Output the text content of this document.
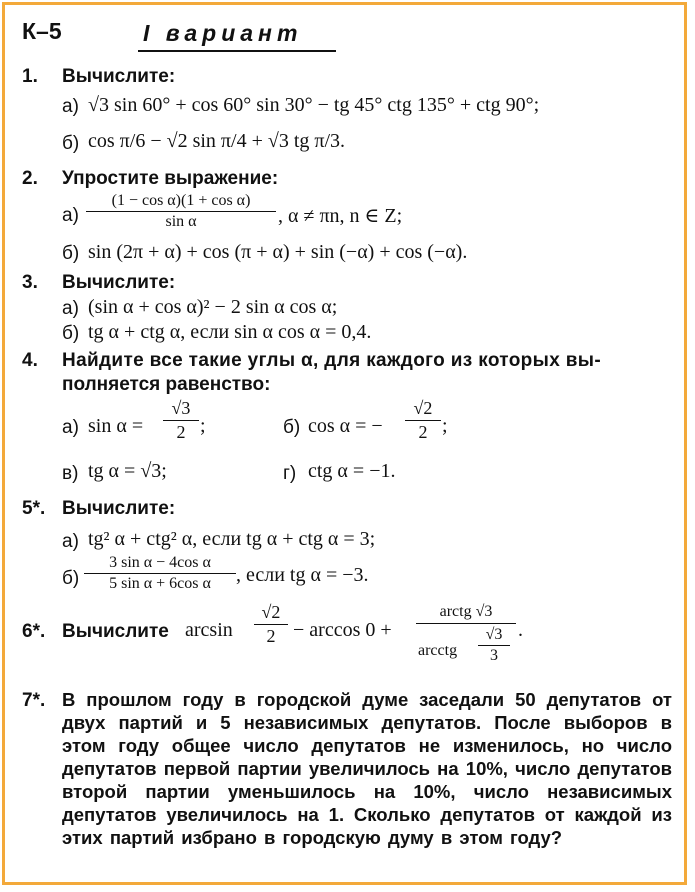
К–5	I вариант
1. Вычислите:
а) √3 sin 60° + cos 60° sin 30° − tg 45° ctg 135° + ctg 90°;
б) cos π/6 − √2 sin π/4 + √3 tg π/3.
2. Упростите выражение:
$а) \frac{\text{(1 − cos α)(1 + cos α)}}{\text{sin α}}$ , α ≠ πn, n ∈ Z;
б) sin (2π + α) + cos (π + α) + sin (−α) + cos (−α).
3. Вычислите:
а) (sin α + cos α)² − 2 sin α cos α;
б) tg α + ctg α, если sin α cos α = 0,4.
4. Найдите все такие углы α, для каждого из которых вы-
полняется равенство:
а) $\sin \alpha = \frac{√3}{2}$ ;	б) cos α = − $\frac{√2}{2}$ ;
в) tg α = √3;	г) ctg α = −1.
5*. Вычислите:
а) tg² α + ctg² α, если tg α + ctg α = 3;
$б) \frac{\text{3 sin α − 4cos α}}{\text{5 sin α + 6cos α}}$ , если tg α = −3.
6*. Вычислите $\arcsin \frac{√2}{2} - \arccos 0$ +
arctg √3
arcctg $\frac{√3}{3}$ .
7*. В прошлом году в городской думе заседали 50 депутатов от двух партий и 5 независимых депутатов. После выборов в этом году общее число депутатов не изменилось, но число депутатов первой партии увеличилось на 10%, число депутатов второй партии уменьшилось на 10%, число независимых депутатов увеличилось на 1. Сколько депутатов от каждой из этих партий избрано в городскую думу в этом году?
